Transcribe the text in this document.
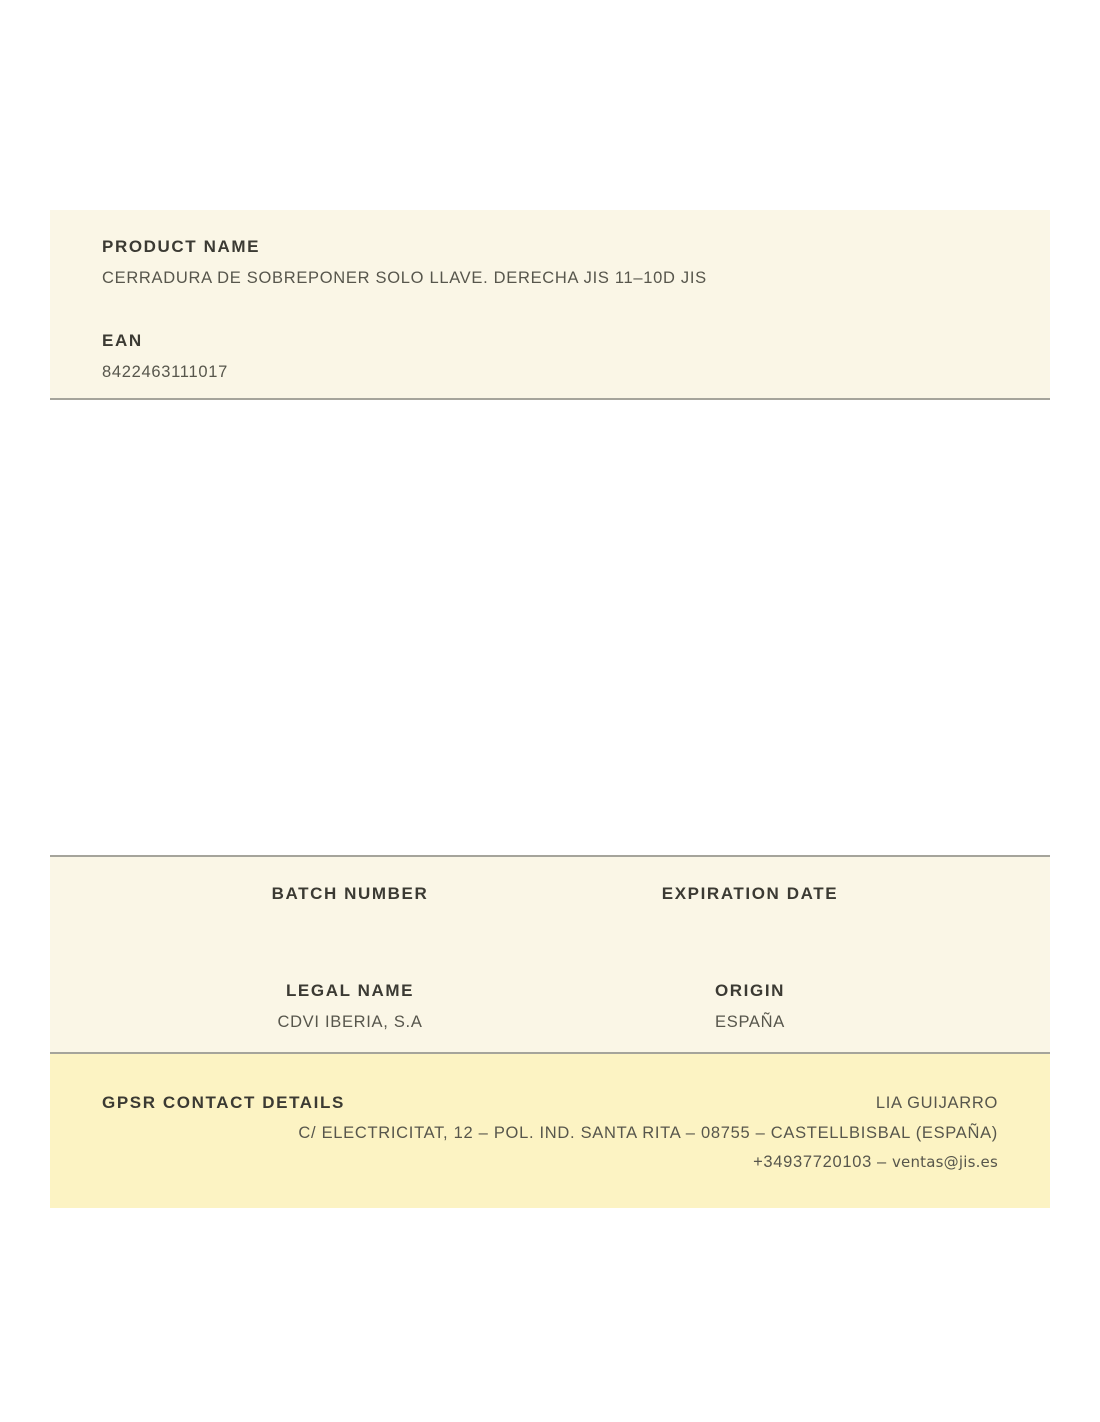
PRODUCT NAME
CERRADURA DE SOBREPONER SOLO LLAVE. DERECHA JIS 11–10D JIS
EAN
8422463111017
BATCH NUMBER	EXPIRATION DATE
LEGAL NAME
CDVI IBERIA, S.A
ORIGIN
ESPAÑA
GPSR CONTACT DETAILS	LIA GUIJARRO
C/ ELECTRICITAT, 12 – POL. IND. SANTA RITA – 08755 – CASTELLBISBAL (ESPAÑA)
+34937720103 – ventas@jis.es
